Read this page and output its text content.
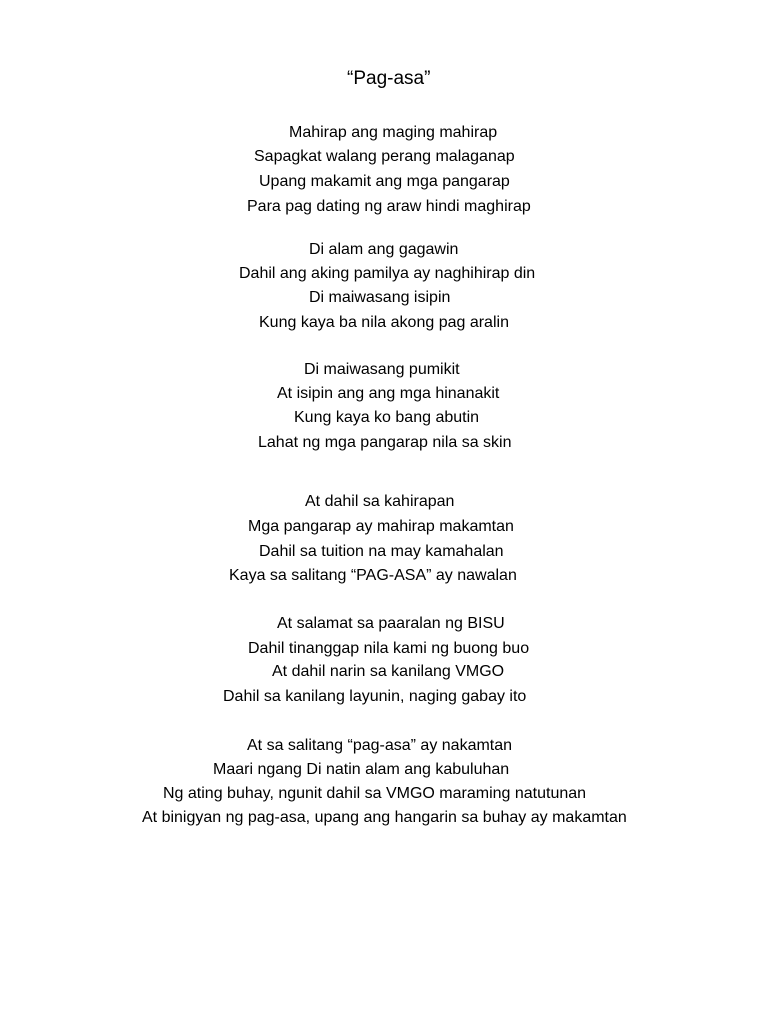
“Pag-asa”
Mahirap ang maging mahirap
Sapagkat walang perang malaganap
Upang makamit ang mga pangarap
Para pag dating ng araw hindi maghirap
Di alam ang gagawin
Dahil ang aking pamilya ay naghihirap din
Di maiwasang isipin
Kung kaya ba nila akong pag aralin
Di maiwasang pumikit
At isipin ang ang mga hinanakit
Kung kaya ko bang abutin
Lahat ng mga pangarap nila sa skin
At dahil sa kahirapan
Mga pangarap ay mahirap makamtan
Dahil sa tuition na may kamahalan
Kaya sa salitang “PAG-ASA” ay nawalan
At salamat sa paaralan ng BISU
Dahil tinanggap nila kami ng buong buo
At dahil narin sa kanilang VMGO
Dahil sa kanilang layunin, naging gabay ito
At sa salitang “pag-asa” ay nakamtan
Maari ngang Di natin alam ang kabuluhan
Ng ating buhay, ngunit dahil sa VMGO maraming natutunan
At binigyan ng pag-asa, upang ang hangarin sa buhay ay makamtan
